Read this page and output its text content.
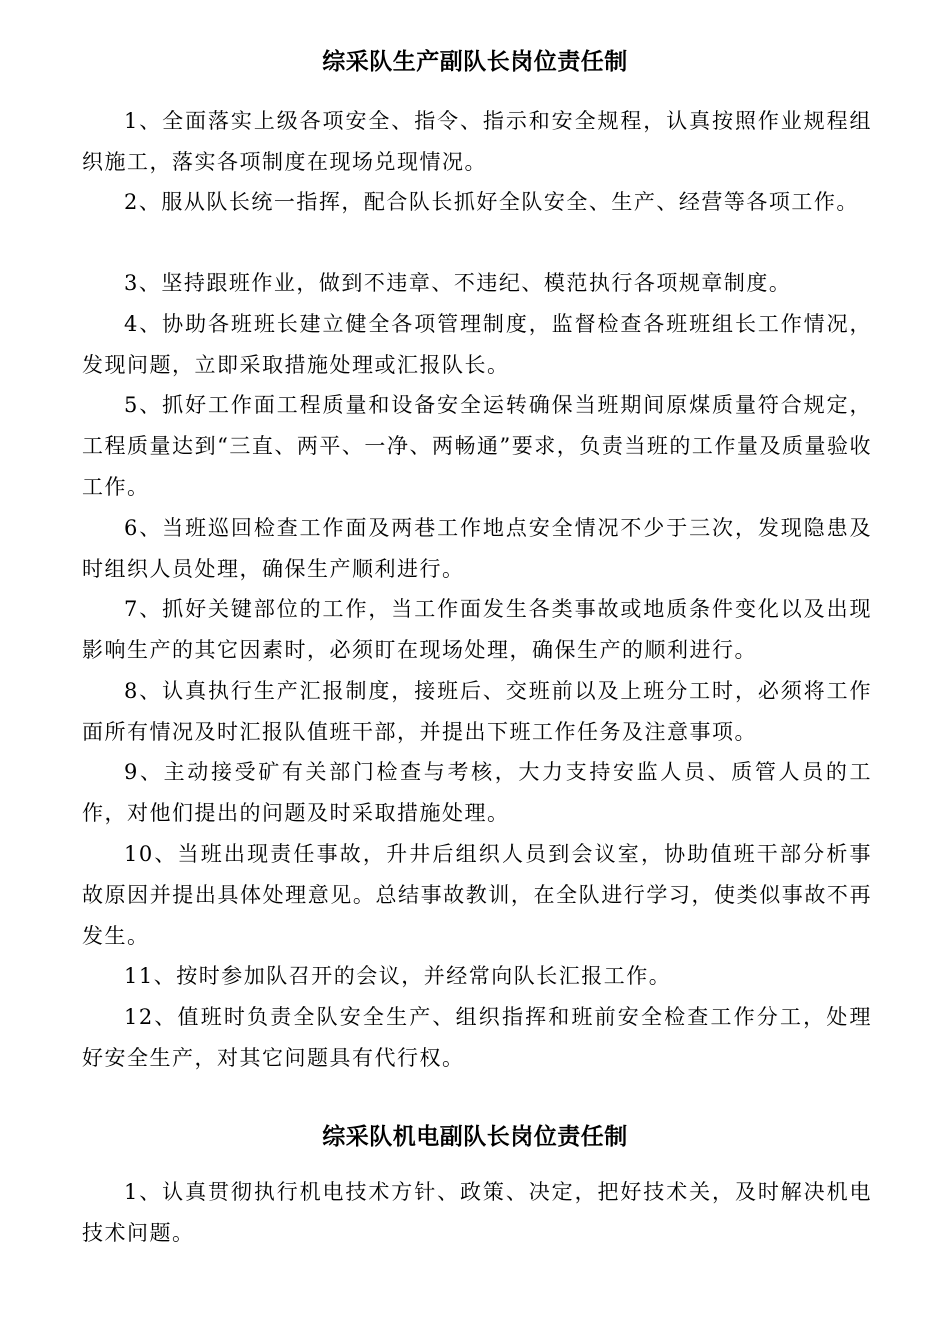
综采队生产副队长岗位责任制

1、全面落实上级各项安全、指令、指示和安全规程，认真按照作业规程组织施工，落实各项制度在现场兑现情况。

2、服从队长统一指挥，配合队长抓好全队安全、生产、经营等各项工作。

3、坚持跟班作业，做到不违章、不违纪、模范执行各项规章制度。

4、协助各班班长建立健全各项管理制度，监督检查各班班组长工作情况，发现问题，立即采取措施处理或汇报队长。

5、抓好工作面工程质量和设备安全运转确保当班期间原煤质量符合规定，工程质量达到“三直、两平、一净、两畅通”要求，负责当班的工作量及质量验收工作。

6、当班巡回检查工作面及两巷工作地点安全情况不少于三次，发现隐患及时组织人员处理，确保生产顺利进行。

7、抓好关键部位的工作，当工作面发生各类事故或地质条件变化以及出现影响生产的其它因素时，必须盯在现场处理，确保生产的顺利进行。

8、认真执行生产汇报制度，接班后、交班前以及上班分工时，必须将工作面所有情况及时汇报队值班干部，并提出下班工作任务及注意事项。

9、主动接受矿有关部门检查与考核，大力支持安监人员、质管人员的工作，对他们提出的问题及时采取措施处理。

10、当班出现责任事故，升井后组织人员到会议室，协助值班干部分析事故原因并提出具体处理意见。总结事故教训，在全队进行学习，使类似事故不再发生。

11、按时参加队召开的会议，并经常向队长汇报工作。

12、值班时负责全队安全生产、组织指挥和班前安全检查工作分工，处理好安全生产，对其它问题具有代行权。

综采队机电副队长岗位责任制

1、认真贯彻执行机电技术方针、政策、决定，把好技术关，及时解决机电技术问题。
